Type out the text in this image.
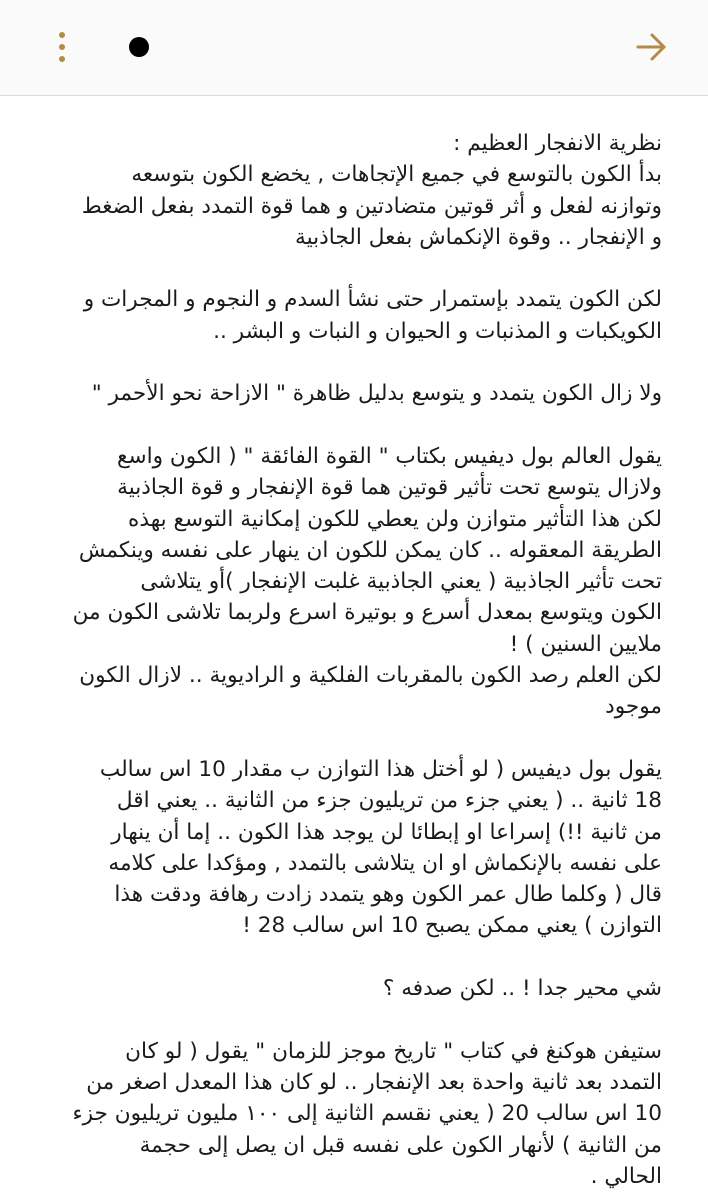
نظرية الانفجار العظيم :
بدأ الكون بالتوسع في جميع الإتجاهات , يخضع الكون بتوسعه
وتوازنه لفعل و أثر قوتين متضادتين و هما قوة التمدد بفعل الضغط
و الإنفجار .. وقوة الإنكماش بفعل الجاذبية
لكن الكون يتمدد بإستمرار حتى نشأ السدم و النجوم و المجرات و
الكويكبات و المذنبات و الحيوان و النبات و البشر ..
ولا زال الكون يتمدد و يتوسع بدليل ظاهرة " الازاحة نحو الأحمر "
يقول العالم بول ديفيس بكتاب " القوة الفائقة " ( الكون واسع
ولازال يتوسع تحت تأثير قوتين هما قوة الإنفجار و قوة الجاذبية
لكن هذا التأثير متوازن ولن يعطي للكون إمكانية التوسع بهذه
الطريقة المعقوله .. كان يمكن للكون ان ينهار على نفسه وينكمش
تحت تأثير الجاذبية ( يعني الجاذبية غلبت الإنفجار )أو يتلاشى
الكون ويتوسع بمعدل أسرع و بوتيرة اسرع ولربما تلاشى الكون من
ملايين السنين ) !
لكن العلم رصد الكون بالمقربات الفلكية و الراديوية .. لازال الكون
موجود
يقول بول ديفيس ( لو أختل هذا التوازن ب مقدار 10 اس سالب
18 ثانية .. ( يعني جزء من تريليون جزء من الثانية .. يعني اقل
من ثانية !!) إسراعا او إبطائا لن يوجد هذا الكون .. إما أن ينهار
على نفسه بالإنكماش او ان يتلاشى بالتمدد , ومؤكدا على كلامه
قال ( وكلما طال عمر الكون وهو يتمدد زادت رهافة ودقت هذا
التوازن ) يعني ممكن يصبح 10 اس سالب 28 !
شي محير جدا ! .. لكن صدفه ؟
ستيفن هوكنغ في كتاب " تاريخ موجز للزمان " يقول ( لو كان
التمدد بعد ثانية واحدة بعد الإنفجار .. لو كان هذا المعدل اصغر من
10 اس سالب 20 ( يعني نقسم الثانية إلى ١٠٠ مليون تريليون جزء
من الثانية ) لأنهار الكون على نفسه قبل ان يصل إلى حجمة
الحالي .
